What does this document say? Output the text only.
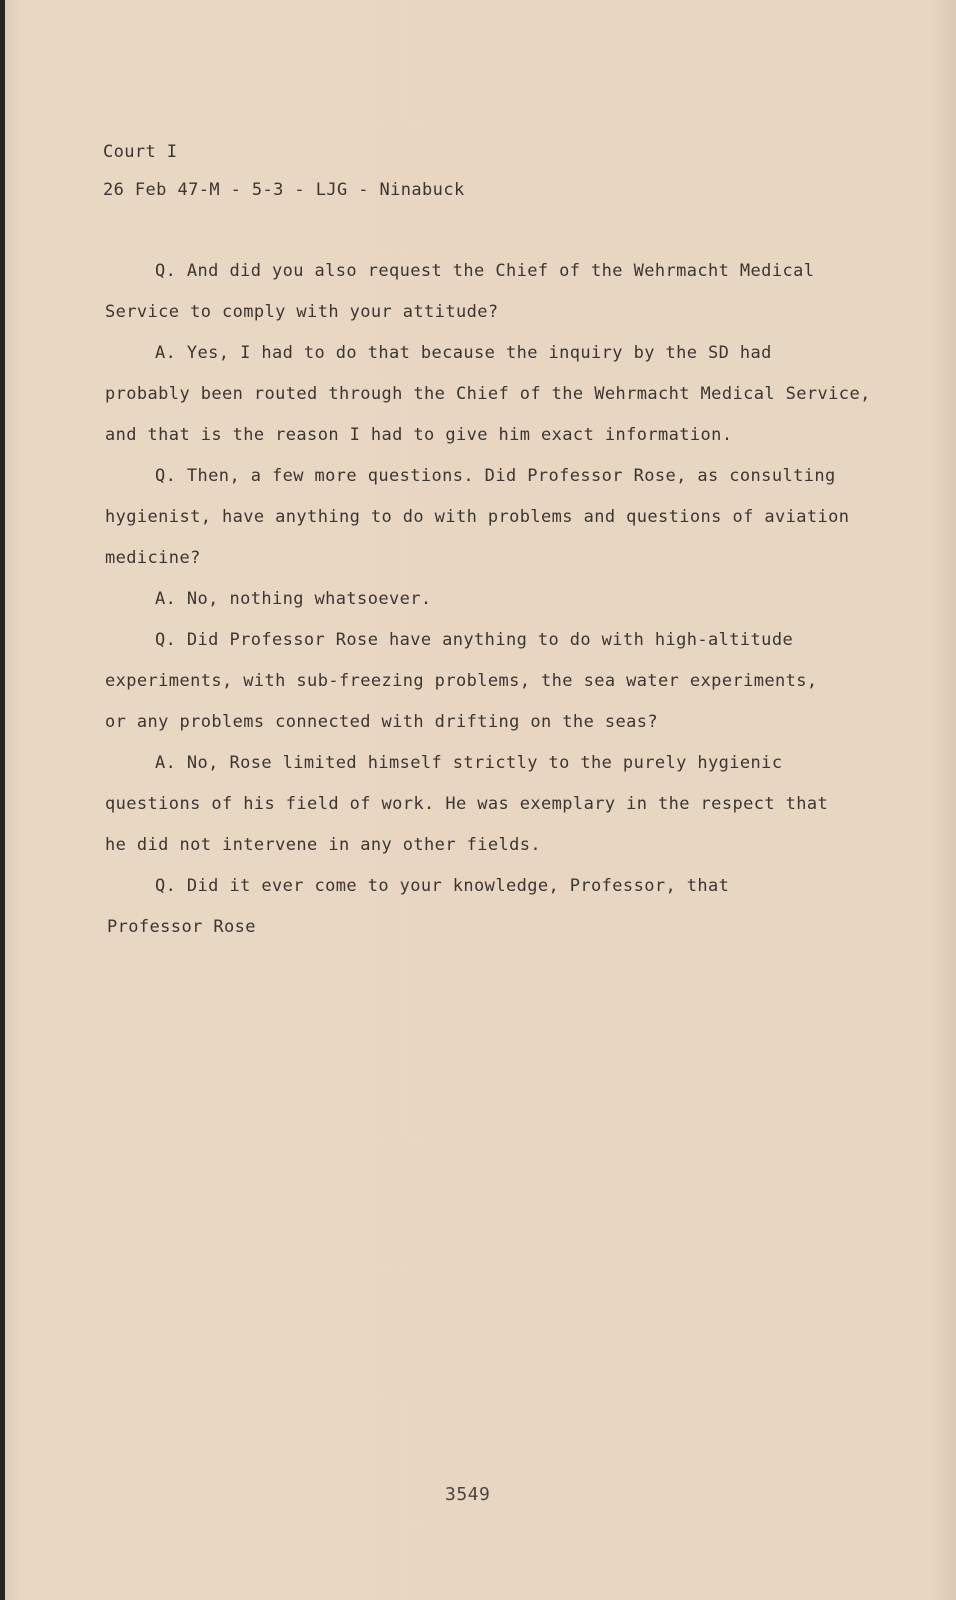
Court I
26 Feb 47-M - 5-3 - LJG - Ninabuck
Q. And did you also request the Chief of the Wehrmacht Medical
Service to comply with your attitude?
A. Yes, I had to do that because the inquiry by the SD had
probably been routed through the Chief of the Wehrmacht Medical Service,
and that is the reason I had to give him exact information.
Q. Then, a few more questions. Did Professor Rose, as consulting
hygienist, have anything to do with problems and questions of aviation
medicine?
A. No, nothing whatsoever.
Q. Did Professor Rose have anything to do with high-altitude
experiments, with sub-freezing problems, the sea water experiments,
or any problems connected with drifting on the seas?
A. No, Rose limited himself strictly to the purely hygienic
questions of his field of work. He was exemplary in the respect that
he did not intervene in any other fields.
Q. Did it ever come to your knowledge, Professor, that
Professor Rose
3549
